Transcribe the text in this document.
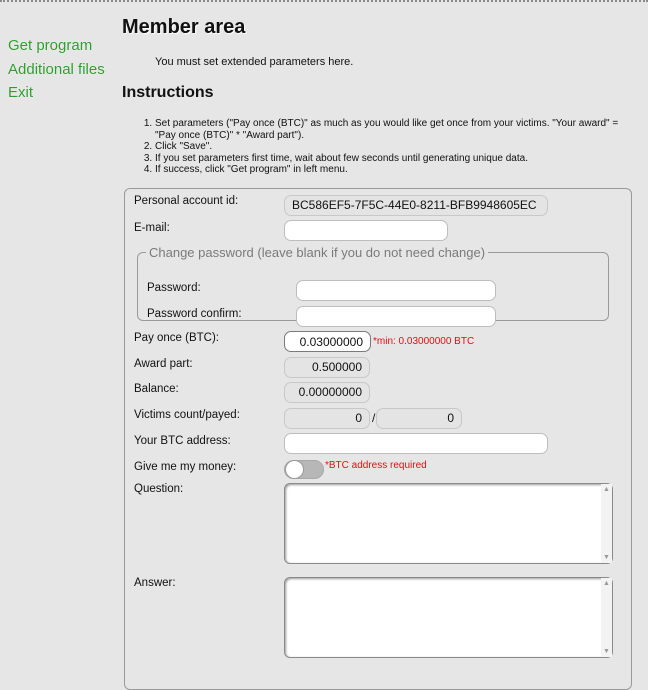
Get program
Additional files
Exit
Member area

You must set extended parameters here.

Instructions
1. Set parameters ("Pay once (BTC)" as much as you would like get once from your victims. "Your award" = "Pay once (BTC)" * "Award part").
2. Click "Save".
3. If you set parameters first time, wait about few seconds until generating unique data.
4. If success, click "Get program" in left menu.
Personal account id:	BC586EF5-7F5C-44E0-8211-BFB9948605EC
E-mail:
Change password (leave blank if you do not need change)
Password:
Password confirm:
Pay once (BTC):
0.03000000	*min: 0.03000000 BTC
Award part:	0.500000
Balance:	0.00000000
Victims count/payed:	0 /	0
Your BTC address:
Give me my money:	*BTC address required
Question:	▲
▼
Answer:	▲
▼
